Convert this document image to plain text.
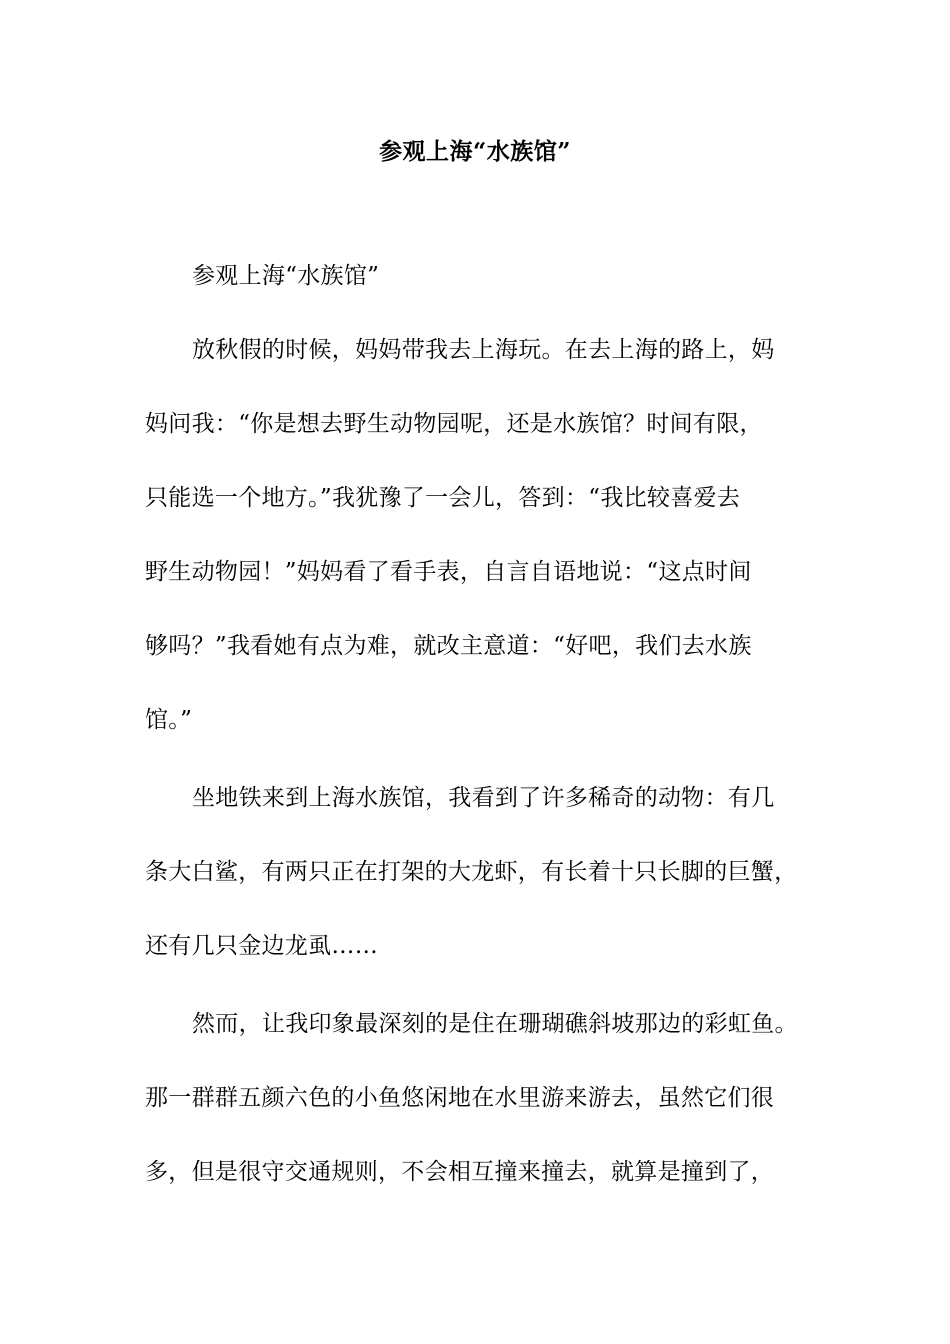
参观上海“水族馆”
参观上海“水族馆”
放秋假的时候，妈妈带我去上海玩。在去上海的路上，妈
妈问我：“你是想去野生动物园呢，还是水族馆？时间有限，
只能选一个地方。”我犹豫了一会儿，答到：“我比较喜爱去
野生动物园！”妈妈看了看手表，自言自语地说：“这点时间
够吗？”我看她有点为难，就改主意道：“好吧，我们去水族
馆。”
坐地铁来到上海水族馆，我看到了许多稀奇的动物：有几
条大白鲨，有两只正在打架的大龙虾，有长着十只长脚的巨蟹，
还有几只金边龙虱……
然而，让我印象最深刻的是住在珊瑚礁斜坡那边的彩虹鱼。
那一群群五颜六色的小鱼悠闲地在水里游来游去，虽然它们很
多，但是很守交通规则，不会相互撞来撞去，就算是撞到了，
